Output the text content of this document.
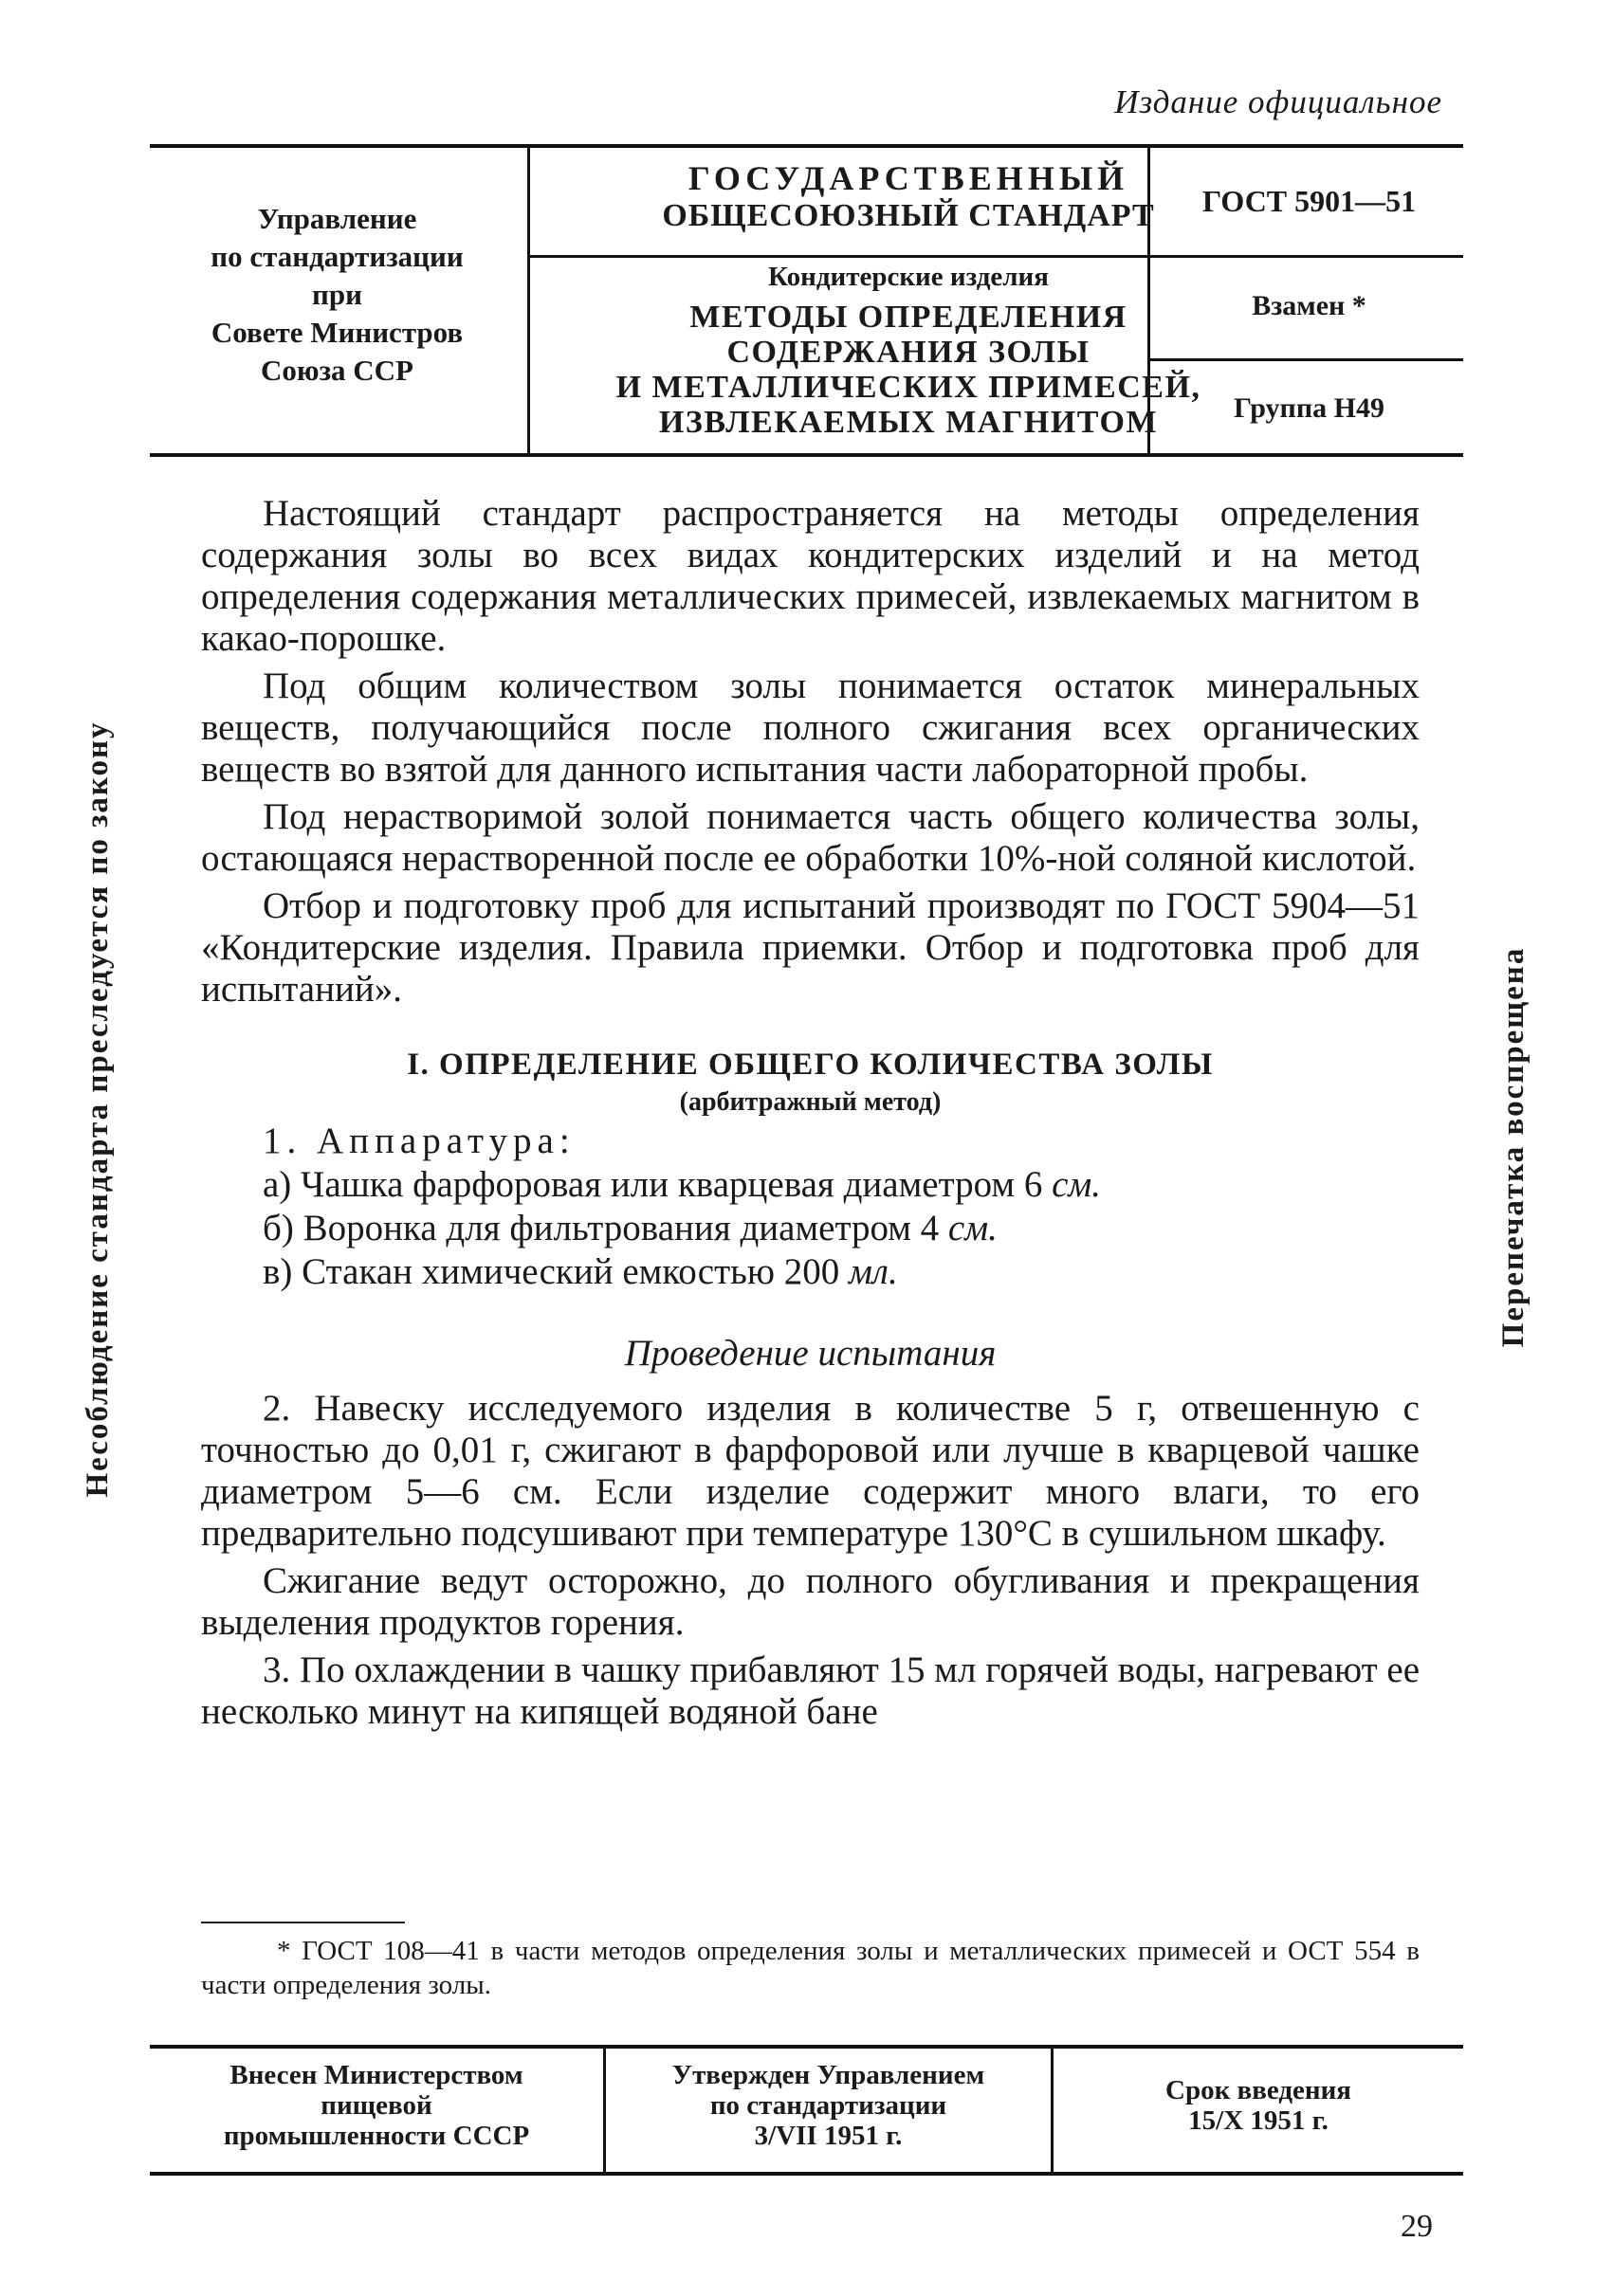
Издание официальное
Управление
по стандартизации
при
Совете Министров
Союза ССР
ГОСУДАРСТВЕННЫЙ
ОБЩЕСОЮЗНЫЙ СТАНДАРТ
Кондитерские изделия
МЕТОДЫ ОПРЕДЕЛЕНИЯ
СОДЕРЖАНИЯ ЗОЛЫ
И МЕТАЛЛИЧЕСКИХ ПРИМЕСЕЙ,
ИЗВЛЕКАЕМЫХ МАГНИТОМ
ГОСТ 5901—51
Взамен *
Группа Н49
Несоблюдение стандарта преследуется по закону	Перепечатка воспрещена

Настоящий стандарт распространяется на методы определения содержания золы во всех видах кондитерских изделий и на метод определения содержания металлических примесей, извлекаемых магнитом в какао-порошке.

Под общим количеством золы понимается остаток минеральных веществ, получающийся после полного сжигания всех органических веществ во взятой для данного испытания части лабораторной пробы.

Под нерастворимой золой понимается часть общего количества золы, остающаяся нерастворенной после ее обработки 10%-ной соляной кислотой.

Отбор и подготовку проб для испытаний производят по ГОСТ 5904—51 «Кондитерские изделия. Правила приемки. Отбор и подготовка проб для испытаний».

I. ОПРЕДЕЛЕНИЕ ОБЩЕГО КОЛИЧЕСТВА ЗОЛЫ
(арбитражный метод)
1. Аппаратура:
а) Чашка фарфоровая или кварцевая диаметром 6 см.
б) Воронка для фильтрования диаметром 4 см.
в) Стакан химический емкостью 200 мл.
Проведение испытания

2. Навеску исследуемого изделия в количестве 5 г, отвешенную с точностью до 0,01 г, сжигают в фарфоровой или лучше в кварцевой чашке диаметром 5—6 см. Если изделие содержит много влаги, то его предварительно подсушивают при температуре 130°С в сушильном шкафу.

Сжигание ведут осторожно, до полного обугливания и прекращения выделения продуктов горения.

3. По охлаждении в чашку прибавляют 15 мл горячей воды, нагревают ее несколько минут на кипящей водяной бане

* ГОСТ 108—41 в части методов определения золы и металлических примесей и ОСТ 554 в части определения золы.
Внесен Министерством
пищевой
промышленности СССР
Утвержден Управлением
по стандартизации
3/VII 1951 г.
Срок введения
15/Х 1951 г.
29
